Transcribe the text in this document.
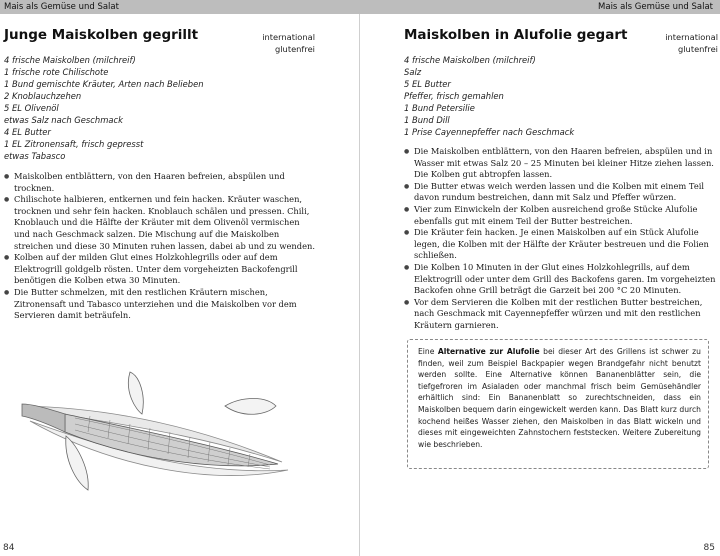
Mais als Gemüse und Salat
Junge Maiskolben gegrillt	international
glutenfrei
4 frische Maiskolben (milchreif)
1 frische rote Chilischote
1 Bund gemischte Kräuter, Arten nach Belieben
2 Knoblauchzehen
5 EL Olivenöl
etwas Salz nach Geschmack
4 EL Butter
1 EL Zitronensaft, frisch gepresst
etwas Tabasco
● Maiskolben entblättern, von den Haaren befreien, abspülen und trocknen.
● Chilischote halbieren, entkernen und fein hacken. Kräuter waschen, trocknen und sehr fein hacken. Knoblauch schälen und pressen. Chili, Knoblauch und die Hälfte der Kräuter mit dem Olivenöl vermischen und nach Geschmack salzen. Die Mischung auf die Maiskolben streichen und diese 30 Minuten ruhen lassen, dabei ab und zu wenden.
● Kolben auf der milden Glut eines Holzkohlegrills oder auf dem Elektrogrill goldgelb rösten. Unter dem vorgeheizten Backofengrill benötigen die Kolben etwa 30 Minuten.
● Die Butter schmelzen, mit den restlichen Kräutern mischen, Zitronensaft und Tabasco unterziehen und die Maiskolben vor dem Servieren damit beträufeln.
84
Mais als Gemüse und Salat
Maiskolben in Alufolie gegart	international
glutenfrei
4 frische Maiskolben (milchreif)
Salz
5 EL Butter
Pfeffer, frisch gemahlen
1 Bund Petersilie
1 Bund Dill
1 Prise Cayennepfeffer nach Geschmack
● Die Maiskolben entblättern, von den Haaren befreien, abspülen und in Wasser mit etwas Salz 20 – 25 Minuten bei kleiner Hitze ziehen lassen. Die Kolben gut abtropfen lassen.
● Die Butter etwas weich werden lassen und die Kolben mit einem Teil davon rundum bestreichen, dann mit Salz und Pfeffer würzen.
● Vier zum Einwickeln der Kolben ausreichend große Stücke Alufolie ebenfalls gut mit einem Teil der Butter bestreichen.
● Die Kräuter fein hacken. Je einen Maiskolben auf ein Stück Alufolie legen, die Kolben mit der Hälfte der Kräuter bestreuen und die Folien schließen.
● Die Kolben 10 Minuten in der Glut eines Holzkohlegrills, auf dem Elektrogrill oder unter dem Grill des Backofens garen. Im vorgeheizten Backofen ohne Grill beträgt die Garzeit bei 200 °C 20 Minuten.
● Vor dem Servieren die Kolben mit der restlichen Butter bestreichen, nach Geschmack mit Cayennepfeffer würzen und mit den restlichen Kräutern garnieren.
Eine Alternative zur Alufolie bei dieser Art des Grillens ist schwer zu finden, weil zum Beispiel Backpapier wegen Brandgefahr nicht benutzt werden sollte. Eine Alternative können Bananenblätter sein, die tiefgefroren im Asialaden oder manchmal frisch beim Gemüsehändler erhältlich sind: Ein Bananenblatt so zurechtschneiden, dass ein Maiskolben bequem darin eingewickelt werden kann. Das Blatt kurz durch kochend heißes Wasser ziehen, den Maiskolben in das Blatt wickeln und dieses mit eingeweichten Zahnstochern feststecken. Weitere Zubereitung wie beschrieben.
85
